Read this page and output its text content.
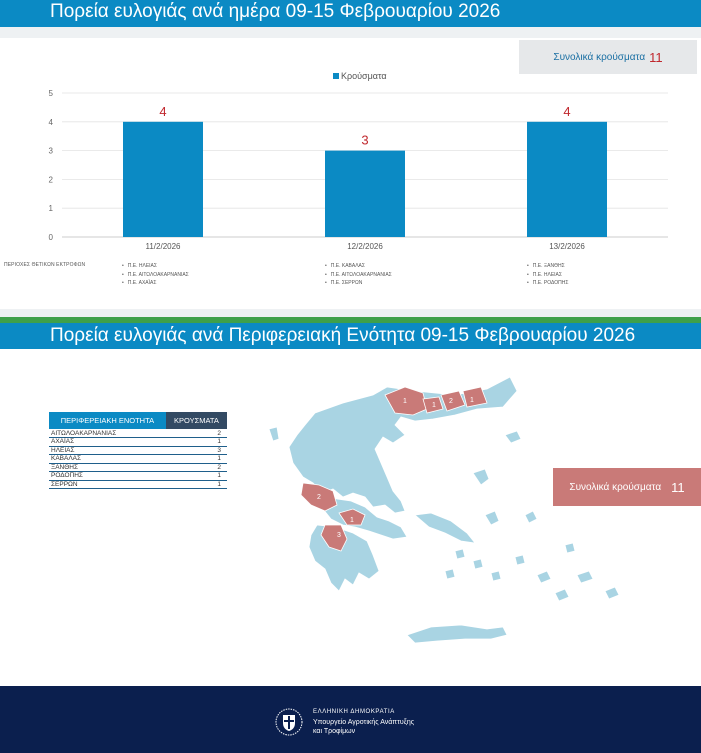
Πορεία ευλογιάς ανά ημέρα 09-15 Φεβρουαρίου 2026
Συνολικά κρούσματα 11
Κρούσματα
0
1
2
3
4
5
4
11/2/2026
3
12/2/2026
4
13/2/2026
ΠΕΡΙΟΧΕΣ ΘΕΤΙΚΩΝ ΕΚΤΡΟΦΩΝ	• Π.Ε. ΗΛΕΙΑΣ
• Π.Ε. ΑΙΤΩΛΟΑΚΑΡΝΑΝΙΑΣ
• Π.Ε. ΑΧΑΪΑΣ
• Π.Ε. ΚΑΒΑΛΑΣ
• Π.Ε. ΑΙΤΩΛΟΑΚΑΡΝΑΝΙΑΣ
• Π.Ε. ΣΕΡΡΩΝ
• Π.Ε. ΞΑΝΘΗΣ
• Π.Ε. ΗΛΕΙΑΣ
• Π.Ε. ΡΟΔΟΠΗΣ
Πορεία ευλογιάς ανά Περιφερειακή Ενότητα 09-15 Φεβρουαρίου 2026
ΠΕΡΙΦΕΡΕΙΑΚΗ ΕΝΟΤΗΤΑ	ΚΡΟΥΣΜΑΤΑ
ΑΙΤΩΛΟΑΚΑΡΝΑΝΙΑΣ	2
ΑΧΑΪΑΣ	1
ΗΛΕΙΑΣ	3
ΚΑΒΑΛΑΣ	1
ΞΑΝΘΗΣ	2
ΡΟΔΟΠΗΣ	1
ΣΕΡΡΩΝ	1	Συνολικά κρούσματα 11
1
1
2 1
2
1
3
ΕΛΛΗΝΙΚΗ ΔΗΜΟΚΡΑΤΙΑ
Υπουργείο Αγροτικής Ανάπτυξης
και Τροφίμων
